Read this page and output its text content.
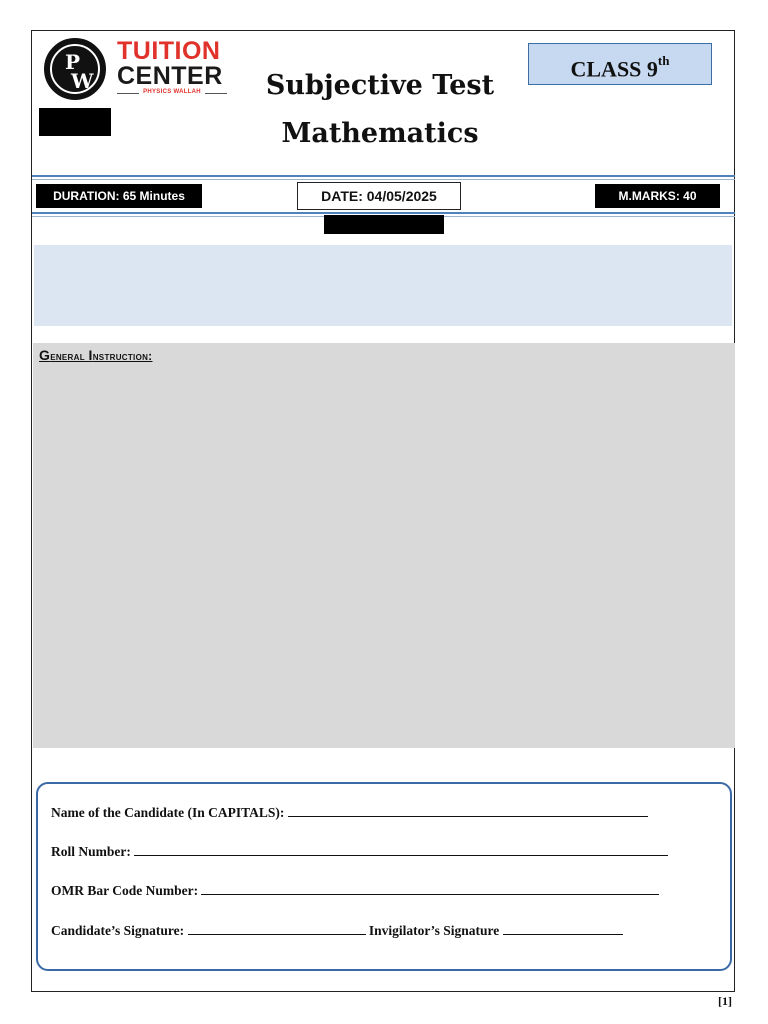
P
W
TUITION
CENTER
PHYSICS WALLAH	Subjective Test
Mathematics
CLASS 9th
DURATION: 65 Minutes	DATE: 04/05/2025	M.MARKS: 40
General Instruction:
Name of the Candidate (In CAPITALS):
Roll Number:
OMR Bar Code Number:
Candidate’s Signature:	Invigilator’s Signature
[1]
